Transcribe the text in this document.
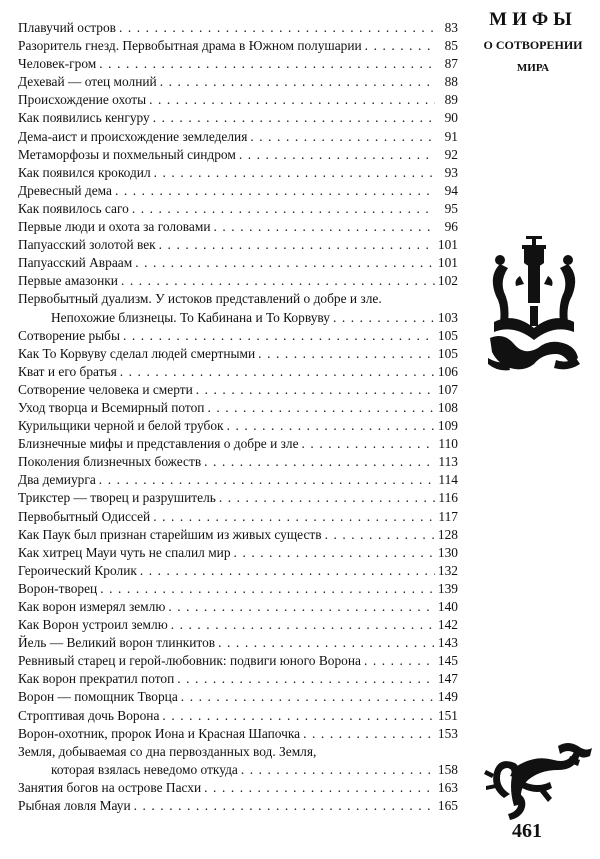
Плавучий остров . . .	83
Разоритель гнезд. Первобытная драма в Южном полушарии . . .	85
Человек-гром . . .	87
Дехевай — отец молний . . .	88
Происхождение охоты . . .	89
Как появились кенгуру . . .	90
Дема-аист и происхождение земледелия . . .	91
Метаморфозы и похмельный синдром . . .	92
Как появился крокодил . . .	93
Древесный дема . . .	94
Как появилось саго . . .	95
Первые люди и охота за головами . . .	96
Папуасский золотой век . . .	101
Папуасский Авраам . . .	101
Первые амазонки . . .	102
Первобытный дуализм. У истоков представлений о добре и зле.
Непохожие близнецы. То Кабинана и То Корвуву . . .	103
Сотворение рыбы . . .	105
Как То Корвуву сделал людей смертными . . .	105
Кват и его братья . . .	106
Сотворение человека и смерти . . .	107
Уход творца и Всемирный потоп . . .	108
Курильщики черной и белой трубок . . .	109
Близнечные мифы и представления о добре и зле . . .	110
Поколения близнечных божеств . . .	113
Два демиурга . . .	114
Трикстер — творец и разрушитель . . .	116
Первобытный Одиссей . . .	117
Как Паук был признан старейшим из живых существ . . .	128
Как хитрец Мауи чуть не спалил мир . . .	130
Героический Кролик . . .	132
Ворон-творец . . .	139
Как ворон измерял землю . . .	140
Как Ворон устроил землю . . .	142
Йель — Великий ворон тлинкитов . . .	143
Ревнивый старец и герой-любовник: подвиги юного Ворона . . .	145
Как ворон прекратил потоп . . .	147
Ворон — помощник Творца . . .	149
Строптивая дочь Ворона . . .	151
Ворон-охотник, пророк Иона и Красная Шапочка . . .	153
Земля, добываемая со дна первозданных вод. Земля,
которая взялась неведомо откуда . . .	158
Занятия богов на острове Пасхи . . .	163
Рыбная ловля Мауи . . .	165
МИФЫ
О СОТВОРЕНИИ
МИРА
461
